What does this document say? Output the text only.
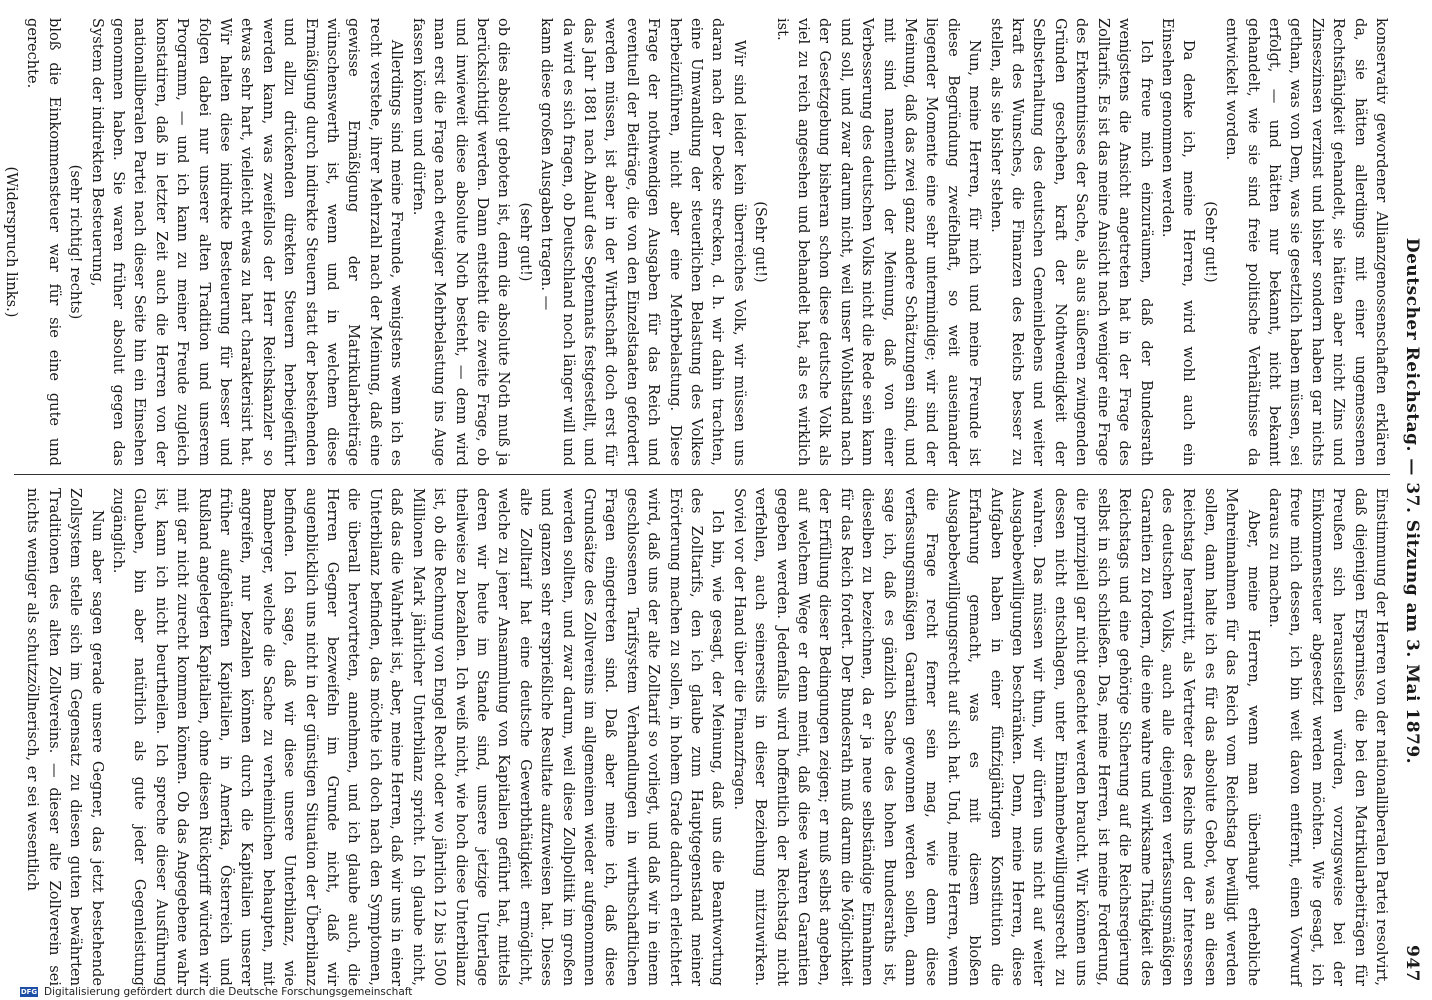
Deutscher Reichstag. — 37. Sitzung am 3. Mai 1879.
947

konservativ gewordener Allianzgenossenschaften erklären da, sie hätten allerdings mit einer ungemessenen Rechtsfähigkeit gehandelt, sie hätten aber nicht Zins und Zinseszinsen verzinst und bisher sondern haben gar nichts gethan, was von Dem, was sie gesetzlich haben müssen, sei erfolgt, — und hätten nur bekannt, nicht bekannt gehandelt, wie sie sind freie politische Verhältnisse da entwickelt worden.

(Sehr gut!)

Da denke ich, meine Herren, wird wohl auch ein Einsehen genommen werden.

Ich freue mich einzuräumen, daß der Bundesrath wenigstens die Ansicht angetreten hat in der Frage des Zolltarifs. Es ist das meine Ansicht nach weniger eine Frage des Erkenntnisses der Sache, als aus äußeren zwingenden Gründen geschehen, kraft der Nothwendigkeit der Selbsterhaltung des deutschen Gemeinlebens und weiter kraft des Wunsches, die Finanzen des Reichs besser zu stellen, als sie bisher stehen.

Nun, meine Herren, für mich und meine Freunde ist diese Begründung zweifelhaft, so weit auseinander liegender Momente eine sehr untermindige; wir sind der Meinung, daß das zwei ganz andere Schätzungen sind, und mit sind namentlich der Meinung, daß von einer Verbesserung des deutschen Volks nicht die Rede sein kann und soll, und zwar darum nicht, weil unser Wohlstand nach der Gesetzgebung bisheran schon diese deutsche Volk als viel zu reich angesehen und behandelt hat, als es wirklich ist.

(Sehr gut!)

Wir sind leider kein überreiches Volk, wir müssen uns daran nach der Decke strecken, d. h. wir dahin trachten, eine Umwandlung der steuerlichen Belastung des Volkes herbeizuführen, nicht aber eine Mehrbelastung. Diese Frage der nothwendigen Ausgaben für das Reich und eventuell der Beiträge, die von den Einzelstaaten gefordert werden müssen, ist aber in der Wirthschaft doch erst für das Jahr 1881 nach Ablauf des Septennats festgestellt, und da wird es sich fragen, ob Deutschland noch länger will und kann diese großen Ausgaben tragen. —

(sehr gut!)

ob dies absolut geboten ist, denn die absolute Noth muß ja berücksichtigt werden. Dann entsteht die zweite Frage, ob und inwieweit diese absolute Noth besteht, — denn wird man erst die Frage nach etwaiger Mehrbelastung ins Auge fassen können und dürfen.

Allerdings sind meine Freunde, wenigstens wenn ich es recht verstehe, ihrer Mehrzahl nach der Meinung, daß eine gewisse Ermäßigung der Matrikularbeiträge wünschenswerth ist, wenn und in welchem diese Ermäßigung durch indirekte Steuern statt der bestehenden und allzu drückenden direkten Steuern herbeigeführt werden kann, was zweifellos der Herr Reichskanzler so etwas sehr hart, vielleicht etwas zu hart charakterisirt hat. Wir halten diese indirekte Besteuerung für besser und folgen dabei nur unserer alten Tradition und unserem Programm, — und ich kann zu meiner Freude zugleich konstatiren, daß in letzter Zeit auch die Herren von der nationalliberalen Partei nach dieser Seite hin ein Einsehen genommen haben. Sie waren früher absolut gegen das System der indirekten Besteuerung,

(sehr richtig! rechts)

bloß die Einkommensteuer war für sie eine gute und gerechte.

(Widerspruch links.)

Einstimmung der Herren von der nationalliberalen Partei resolvirt, daß diejenigen Ersparnisse, die bei den Matrikularbeiträgen für Preußen sich herausstellen würden, vorzugsweise bei der Einkommensteuer abgesetzt werden möchten. Wie gesagt, ich freue mich dessen, ich bin weit davon entfernt, einen Vorwurf daraus zu machen.

Aber, meine Herren, wenn man überhaupt erhebliche Mehreinnahmen für das Reich vom Reichstag bewilligt werden sollen, dann halte ich es für das absolute Gebot, was an diesen Reichstag herantritt, als Vertreter des Reichs und der Interessen des deutschen Volks, auch alle diejenigen verfassungsmäßigen Garantien zu fordern, die eine wahre und wirksame Thätigkeit des Reichstags und eine gehörige Sicherung auf die Reichsregierung selbst in sich schließen. Das, meine Herren, ist meine Forderung, die prinzipiell gar nicht geachtet werden braucht. Wir können uns dessen nicht entschlagen, unter Einnahmebewilligungsrecht zu wahren. Das müssen wir thun, wir dürfen uns nicht auf weiter Ausgabebewilligungen beschränken. Denn, meine Herren, diese Aufgaben haben in einer fünfzigjährigen Konstitution die Erfahrung gemacht, was es mit diesem bloßen Ausgabebewilligungsrecht auf sich hat. Und, meine Herren, wenn die Frage recht ferner sein mag, wie denn diese verfassungsmäßigen Garantien gewonnen werden sollen, dann sage ich, daß es gänzlich Sache des hohen Bundesraths ist, dieselben zu bezeichnen, da er ja neue selbständige Einnahmen für das Reich fordert. Der Bundesrath muß darum die Möglichkeit der Erfüllung dieser Bedingungen zeigen; er muß selbst angeben, auf welchem Wege er denn meint, daß diese wahren Garantien gegeben werden. Jedenfalls wird hoffentlich der Reichstag nicht verfehlen, auch seinerseits in dieser Beziehung mitzuwirken. Soviel vor der Hand über die Finanzfragen.

Ich bin, wie gesagt, der Meinung, daß uns die Beantwortung des Zolltarifs, den ich glaube zum Hauptgegenstand meiner Erörterung machen zu sollen, in hohem Grade dadurch erleichtert wird, daß uns der alte Zolltarif so vorliegt, und daß wir in einem geschlossenen Tarifsystem Verhandlungen in wirthschaftlichen Fragen eingetreten sind. Daß aber meine ich, daß diese Grundsätze des Zollvereins im allgemeinen wieder aufgenommen werden sollten, und zwar darum, weil diese Zollpolitik im großen und ganzen sehr ersprießliche Resultate aufzuweisen hat. Dieses alte Zolltarif hat eine deutsche Gewerbthätigkeit ermöglicht, welche zu jener Ansammlung von Kapitalien geführt hat, mittels deren wir heute im Stande sind, unsere jetzige Unterlage theilweise zu bezahlen. Ich weiß nicht, wie hoch diese Unterbilanz ist, ob die Rechnung von Engel Recht oder wo jährlich 12 bis 1500 Millionen Mark jährlicher Unterbilanz spricht. Ich glaube nicht, daß das die Wahrheit ist, aber, meine Herren, daß wir uns in einer Unterbilanz befinden, das möchte ich doch nach den Symptomen, die überall hervortreten, annehmen, und ich glaube auch, die Herren Gegner bezweifeln im Grunde nicht, daß wir augenblicklich uns nicht in der günstigen Situation der Überbilanz befinden. Ich sage, daß wir diese unsere Unterbilanz, wie Bamberger, welche die Sache zu verheimlichen behaupten, mit angreifen, nur bezahlen können durch die Kapitalien unserer früher aufgehäuften Kapitalien, in Amerika, Österreich und Rußland angelegten Kapitalien, ohne diesen Rückgriff würden wir mit gar nicht zurecht kommen können. Ob das Angegebene wahr ist, kann ich nicht beurtheilen. Ich spreche dieser Ausführung Glauben, bin aber natürlich als gute jeder Gegenleistung zugänglich.

Nun aber sagen gerade unsere Gegner, das jetzt bestehende Zollsystem stelle sich im Gegensatz zu diesen guten bewährten Traditionen des alten Zollvereins. — dieser alte Zollverein sei nichts weniger als schutzzöllnerisch, er sei wesentlich

DFG Digitalisierung gefördert durch die Deutsche Forschungsgemeinschaft
